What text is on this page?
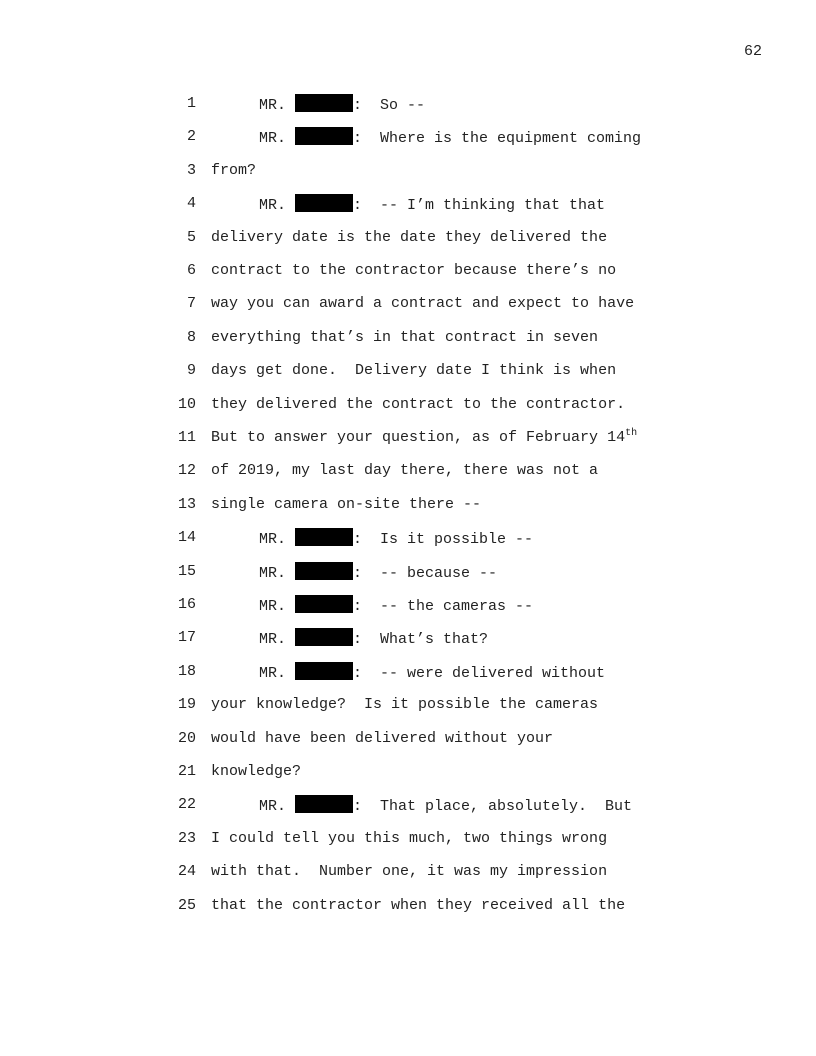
62
1	MR.	:  So --
2	MR.	:  Where is the equipment coming
3 from?
4	MR.	:  -- I’m thinking that that
5 delivery date is the date they delivered the
6 contract to the contractor because there’s no
7 way you can award a contract and expect to have
8 everything that’s in that contract in seven
9 days get done.  Delivery date I think is when
10 they delivered the contract to the contractor.
11 But to answer your question, as of February 14th
12 of 2019, my last day there, there was not a
13 single camera on-site there --
14	MR.	:  Is it possible --
15	MR.	:  -- because --
16	MR.	:  -- the cameras --
17	MR.	:  What’s that?
18	MR.	:  -- were delivered without
19 your knowledge?  Is it possible the cameras
20 would have been delivered without your
21 knowledge?
22	MR.	:  That place, absolutely.  But
23 I could tell you this much, two things wrong
24 with that.  Number one, it was my impression
25 that the contractor when they received all the
